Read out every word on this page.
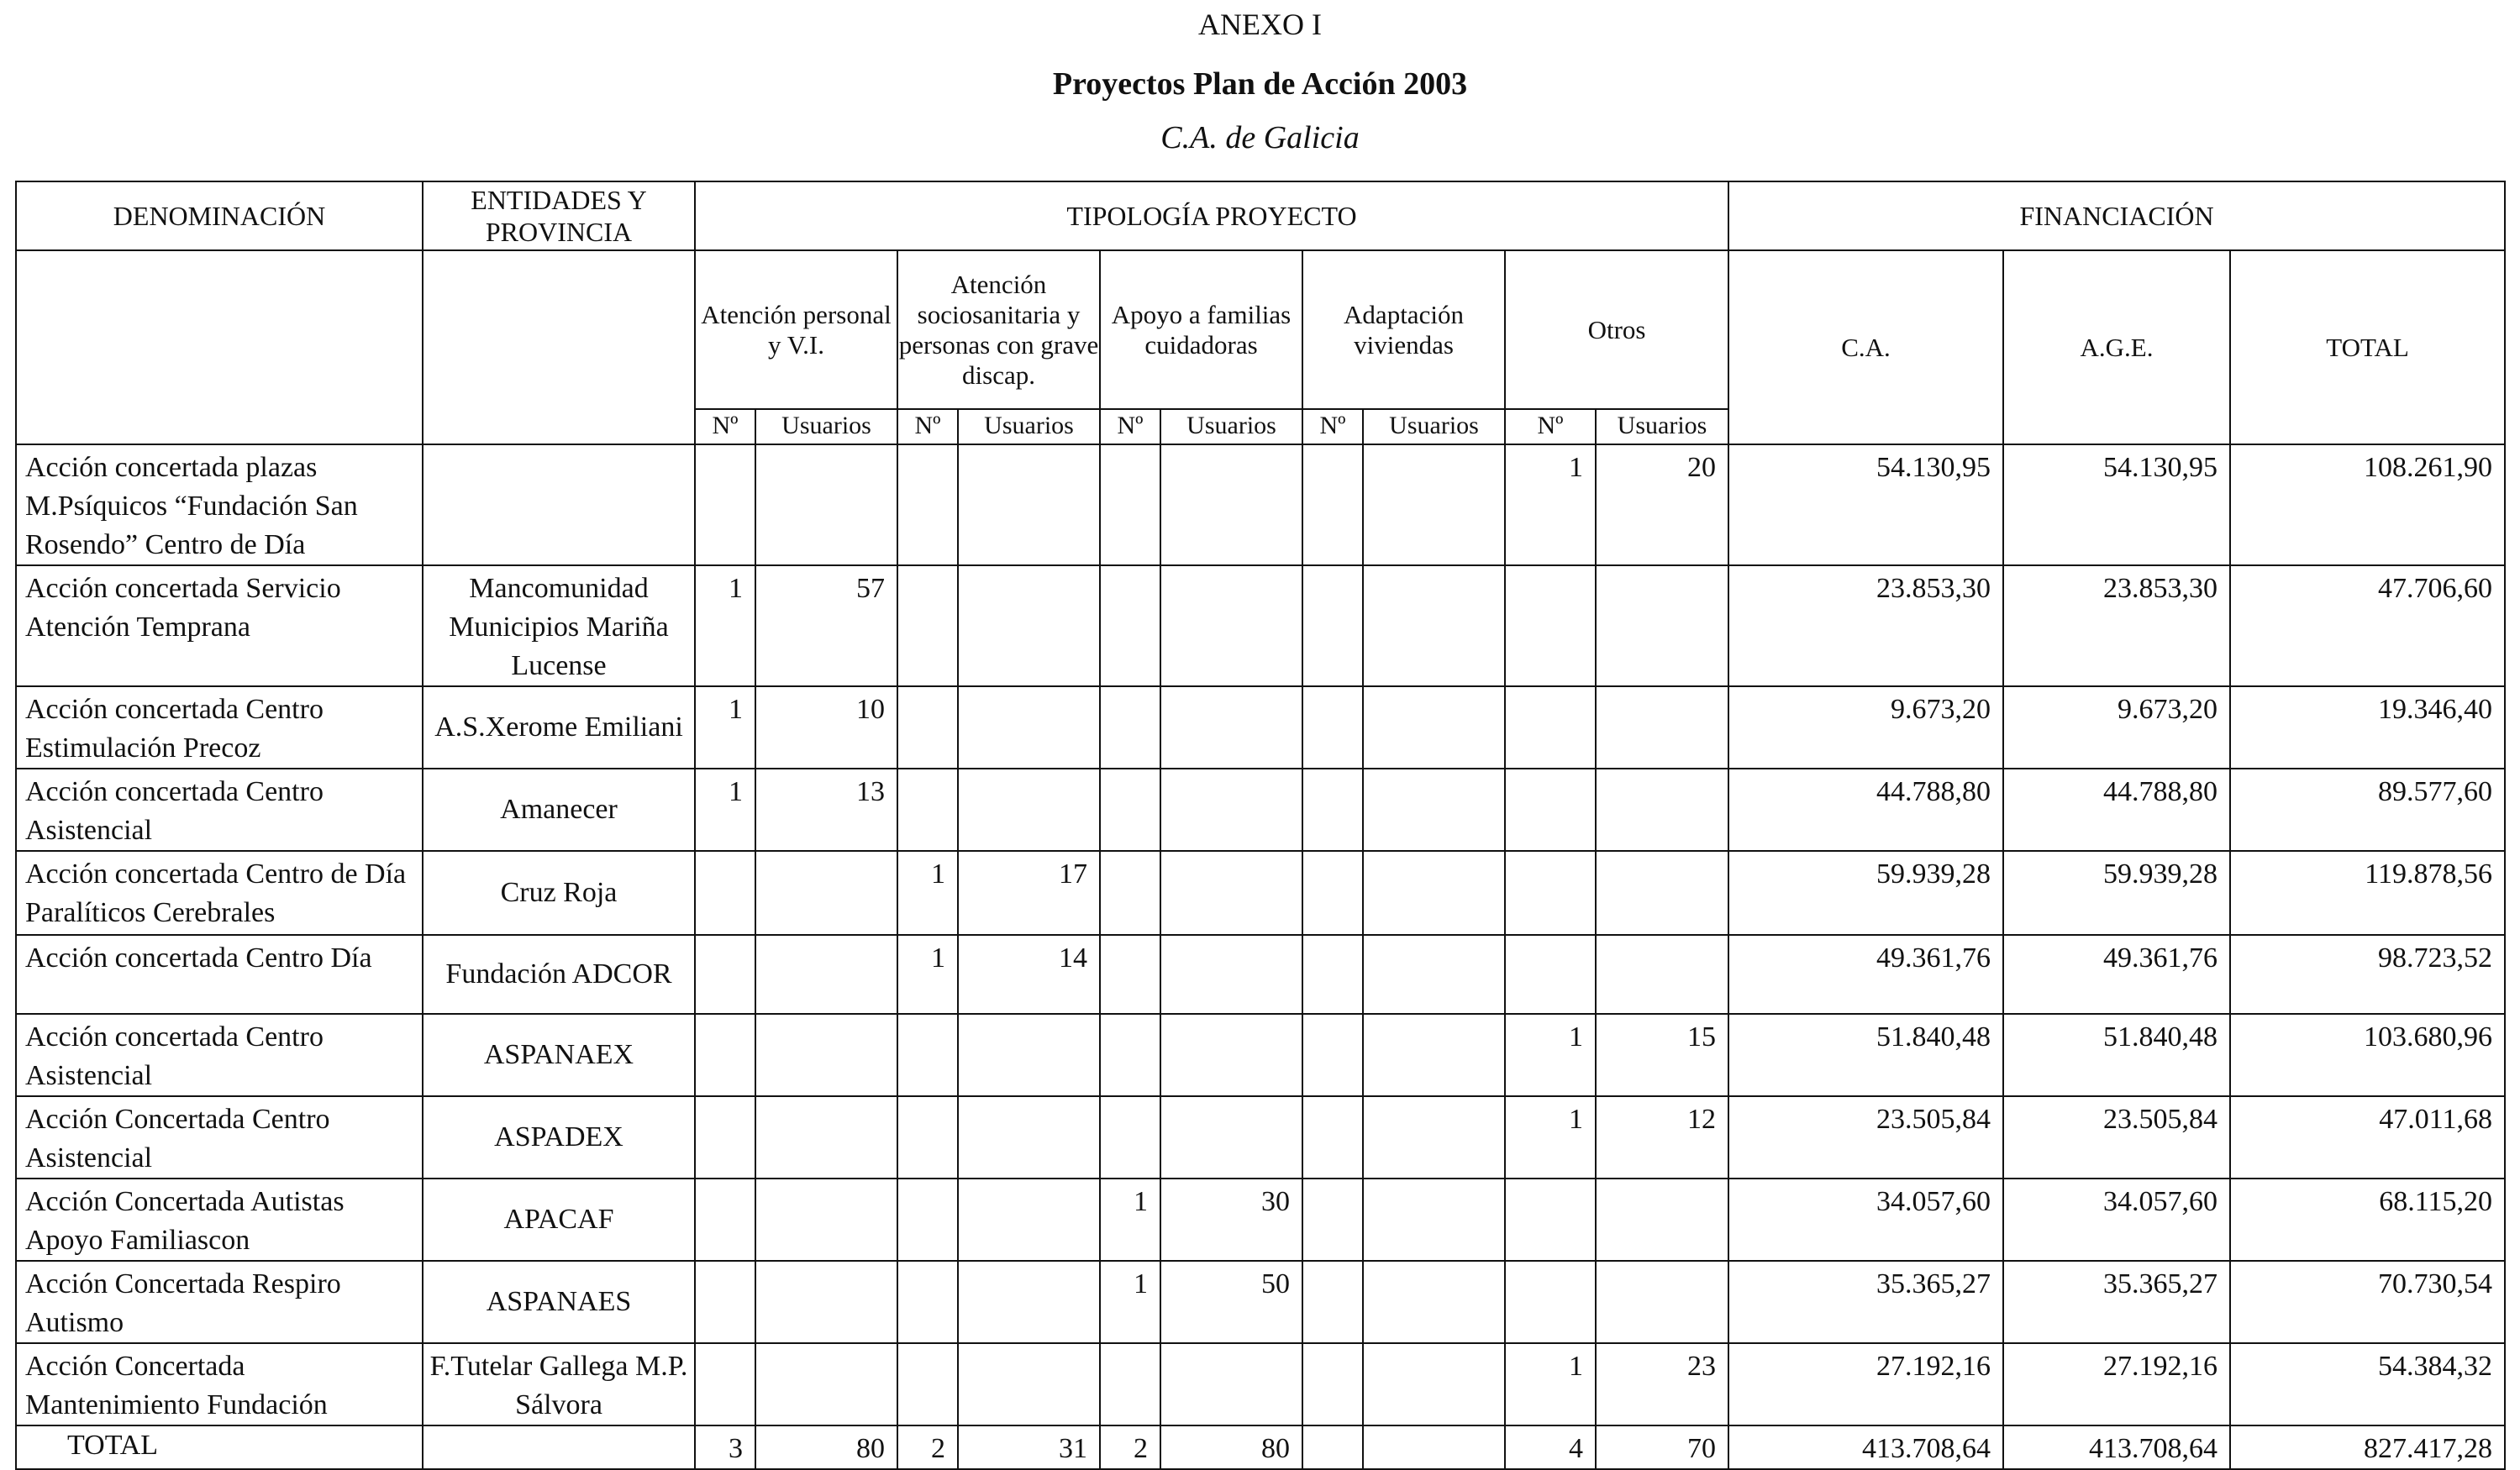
ANEXO I
Proyectos Plan de Acción 2003
C.A. de Galicia
DENOMINACIÓN	ENTIDADES Y PROVINCIA	TIPOLOGÍA PROYECTO										FINANCIACIÓN		
		Atención personal y V.I.		Atención sociosanitaria y personas con grave discap.		Apoyo a familias cuidadoras		Adaptación viviendas		Otros		C.A.	A.G.E.	TOTAL
		Nº	Usuarios	Nº	Usuarios	Nº	Usuarios	Nº	Usuarios	Nº	Usuarios			
Acción concertada plazas M.Psíquicos “Fundación San Rosendo” Centro de Día										1	20	54.130,95	54.130,95	108.261,90
Acción concertada Servicio Atención Temprana	Mancomunidad Municipios Mariña Lucense	1	57									23.853,30	23.853,30	47.706,60
Acción concertada Centro Estimulación Precoz	A.S.Xerome Emiliani	1	10									9.673,20	9.673,20	19.346,40
Acción concertada Centro Asistencial	Amanecer	1	13									44.788,80	44.788,80	89.577,60
Acción concertada Centro de Día Paralíticos Cerebrales	Cruz Roja			1	17							59.939,28	59.939,28	119.878,56
Acción concertada Centro Día	Fundación ADCOR			1	14							49.361,76	49.361,76	98.723,52
Acción concertada Centro Asistencial	ASPANAEX									1	15	51.840,48	51.840,48	103.680,96
Acción Concertada Centro Asistencial	ASPADEX									1	12	23.505,84	23.505,84	47.011,68
Acción Concertada Autistas Apoyo Familiascon	APACAF					1	30					34.057,60	34.057,60	68.115,20
Acción Concertada Respiro Autismo	ASPANAES					1	50					35.365,27	35.365,27	70.730,54
Acción Concertada Mantenimiento Fundación	F.Tutelar Gallega M.P. Sálvora									1	23	27.192,16	27.192,16	54.384,32
TOTAL		3	80	2	31	2	80			4	70	413.708,64	413.708,64	827.417,28
